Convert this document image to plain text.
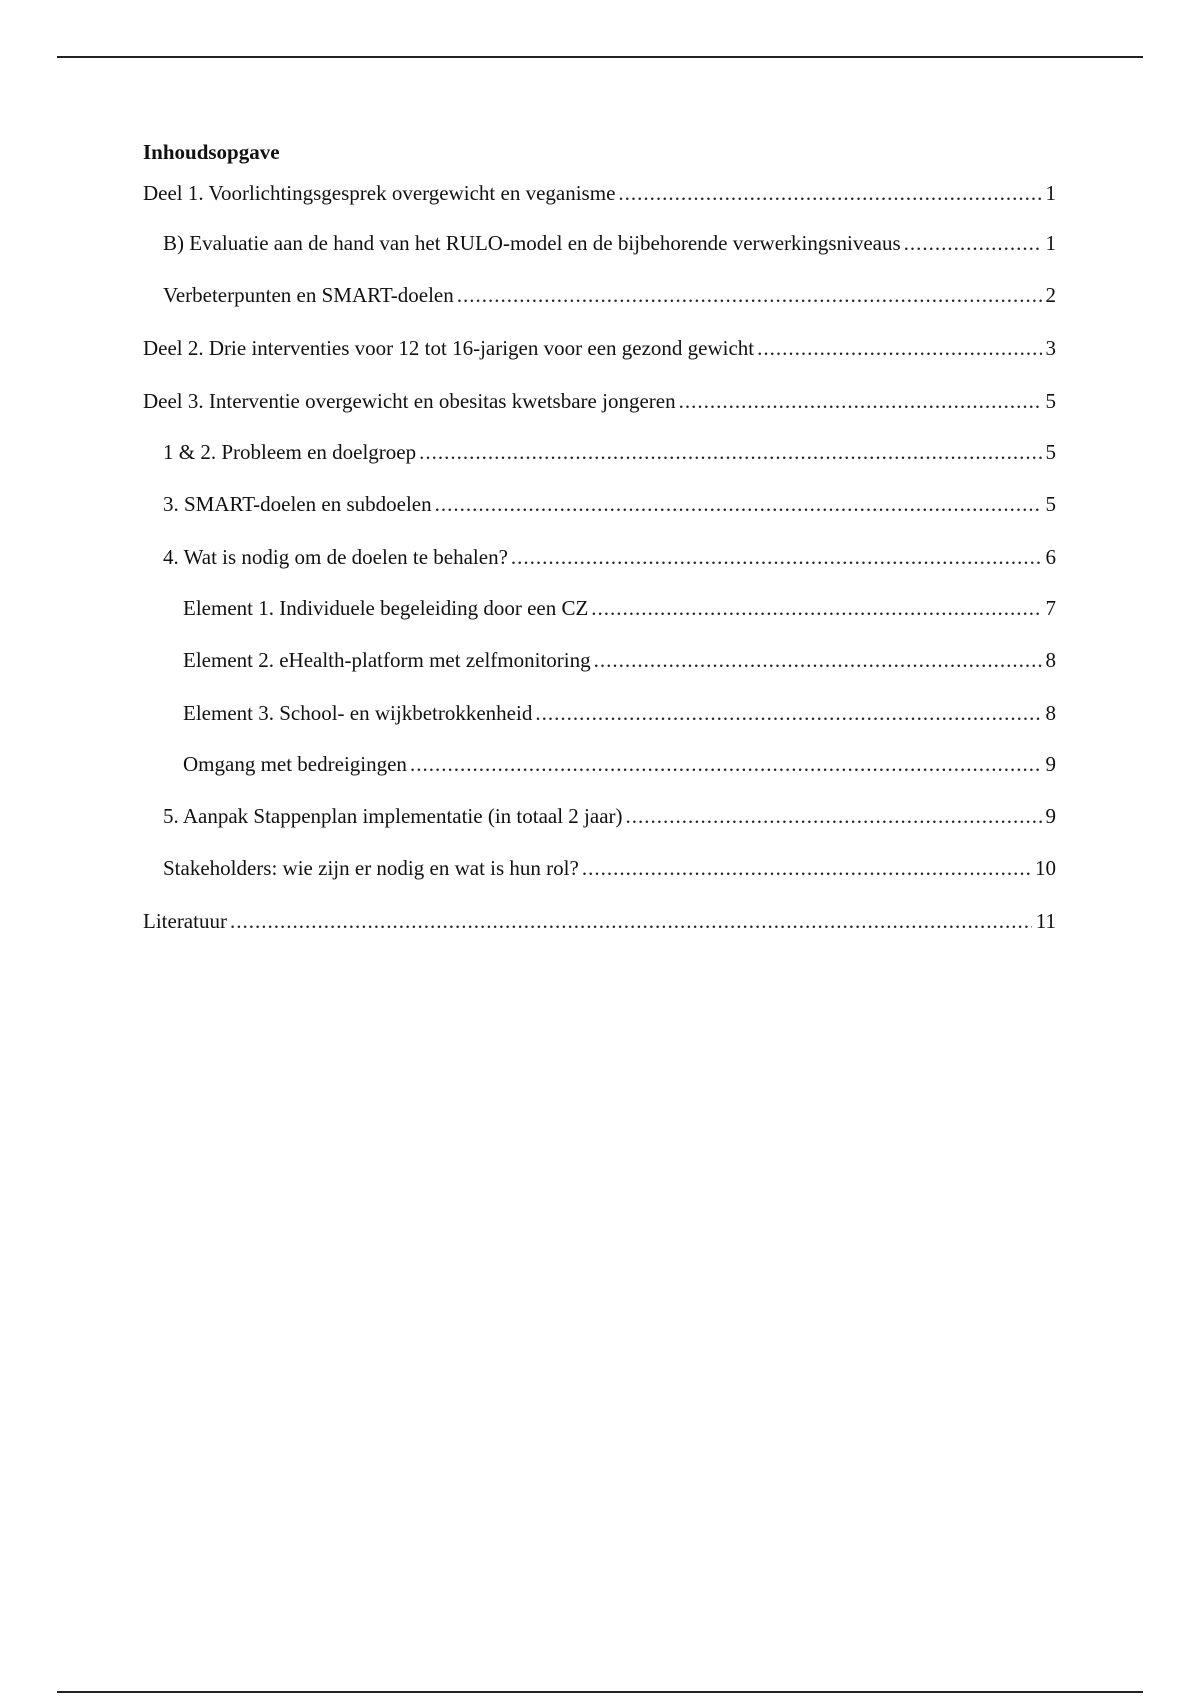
Inhoudsopgave
Deel 1. Voorlichtingsgesprek overgewicht en veganisme .....	1
B) Evaluatie aan de hand van het RULO-model en de bijbehorende verwerkingsniveaus .....	1
Verbeterpunten en SMART-doelen .....	2
Deel 2. Drie interventies voor 12 tot 16-jarigen voor een gezond gewicht .....	3
Deel 3. Interventie overgewicht en obesitas kwetsbare jongeren .....	5
1 & 2. Probleem en doelgroep .....	5
3. SMART-doelen en subdoelen .....	5
4. Wat is nodig om de doelen te behalen? .....	6
Element 1. Individuele begeleiding door een CZ .....	7
Element 2. eHealth-platform met zelfmonitoring .....	8
Element 3. School- en wijkbetrokkenheid .....	8
Omgang met bedreigingen .....	9
5. Aanpak Stappenplan implementatie (in totaal 2 jaar) .....	9
Stakeholders: wie zijn er nodig en wat is hun rol? .....	10
Literatuur .....	11
